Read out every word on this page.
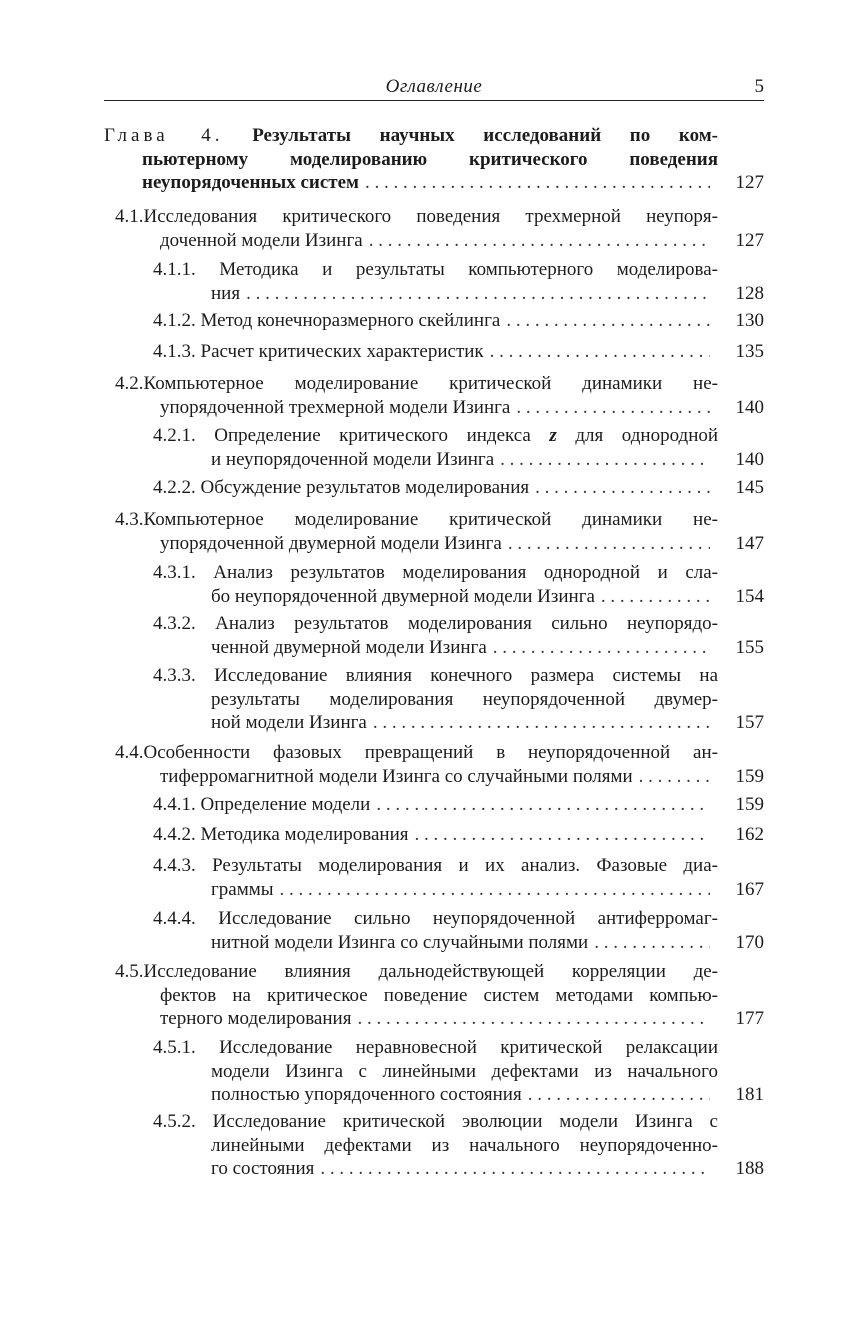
Оглавление	5
Глава 4. Результаты научных исследований по ком-
пьютерному моделированию критического поведения
неупорядоченных систем . . .	127
4.1.Исследования критического поведения трехмерной неупоря-
доченной модели Изинга . . .	127
4.1.1. Методика и результаты компьютерного моделирова-
ния . . .	128
4.1.2. Метод конечноразмерного скейлинга . . .	130
4.1.3. Расчет критических характеристик . . .	135
4.2.Компьютерное моделирование критической динамики не-
упорядоченной трехмерной модели Изинга . . .	140
4.2.1. Определение критического индекса z для однородной
и неупорядоченной модели Изинга . . .	140
4.2.2. Обсуждение результатов моделирования . . .	145
4.3.Компьютерное моделирование критической динамики не-
упорядоченной двумерной модели Изинга . . .	147
4.3.1. Анализ результатов моделирования однородной и сла-
бо неупорядоченной двумерной модели Изинга . . .	154
4.3.2. Анализ результатов моделирования сильно неупорядо-
ченной двумерной модели Изинга . . .	155
4.3.3. Исследование влияния конечного размера системы на
результаты моделирования неупорядоченной двумер-
ной модели Изинга . . .	157
4.4.Особенности фазовых превращений в неупорядоченной ан-
тиферромагнитной модели Изинга со случайными полями . . .	159
4.4.1. Определение модели . . .	159
4.4.2. Методика моделирования . . .	162
4.4.3. Результаты моделирования и их анализ. Фазовые диа-
граммы . . .	167
4.4.4. Исследование сильно неупорядоченной антиферромаг-
нитной модели Изинга со случайными полями . . .	170
4.5.Исследование влияния дальнодействующей корреляции де-
фектов на критическое поведение систем методами компью-
терного моделирования . . .	177
4.5.1. Исследование неравновесной критической релаксации
модели Изинга с линейными дефектами из начального
полностью упорядоченного состояния . . .	181
4.5.2. Исследование критической эволюции модели Изинга с
линейными дефектами из начального неупорядоченно-
го состояния . . .	188
